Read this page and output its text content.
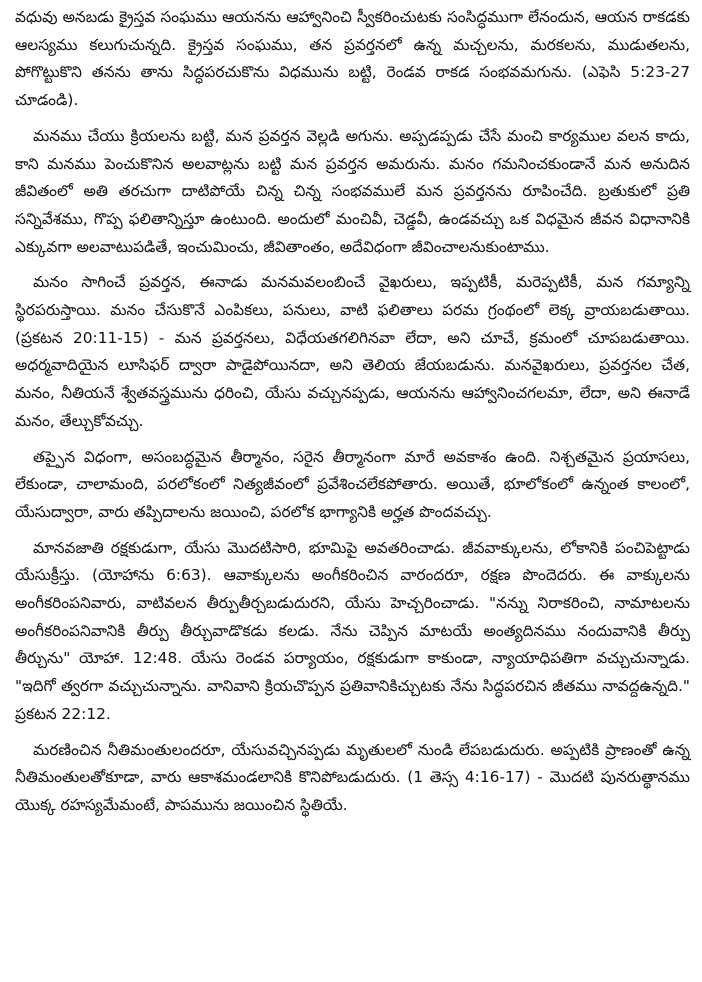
వధువు అనబడు క్రైస్తవ సంఘము ఆయనను ఆహ్వానించి స్వీకరించుటకు సంసిద్ధముగా లేనందున, ఆయన రాకడకు ఆలస్యము కలుగుచున్నది. క్రైస్తవ సంఘము, తన ప్రవర్తనలో ఉన్న మచ్చలను, మరకలను, ముడుతలను, పోగొట్టుకొని తనను తాను సిద్ధపరచుకొను విధమును బట్టి, రెండవ రాకడ సంభవమగును. (ఎఫెసి 5:23-27 చూడండి).

మనము చేయు క్రియలను బట్టి, మన ప్రవర్తన వెల్లడి అగును. అప్పడప్పడు చేసే మంచి కార్యముల వలన కాదు, కాని మనము పెంచుకొనిన అలవాట్లను బట్టి మన ప్రవర్తన అమరును. మనం గమనించకుండానే మన అనుదిన జీవితంలో అతి తరచుగా దాటిపోయే చిన్న చిన్న సంభవములే మన ప్రవర్తనను రూపించేది. బ్రతుకులో ప్రతి సన్నివేశము, గొప్ప ఫలితాన్నిస్తూ ఉంటుంది. అందులో మంచివీ, చెడ్డవీ, ఉండవచ్చు ఒక విధమైన జీవన విధానానికి ఎక్కువగా అలవాటుపడితే, ఇంచుమించు, జీవితాంతం, అదేవిధంగా జీవించాలనుకుంటాము.

మనం సాగించే ప్రవర్తన, ఈనాడు మనమవలంబించే వైఖరులు, ఇప్పటికీ, మరెప్పటికీ, మన గమ్యాన్ని స్థిరపరుస్తాయి. మనం చేసుకొనే ఎంపికలు, పనులు, వాటి ఫలితాలు పరమ గ్రంథంలో లెక్క వ్రాయబడుతాయి. (ప్రకటన 20:11-15) - మన ప్రవర్తనలు, విధేయతగలిగినవా లేదా, అని చూచే, క్రమంలో చూపబడుతాయి. అధర్మవాదియైన లూసిఫర్ ద్వారా పాడైపోయినదా, అని తెలియ జేయబడును. మనవైఖరులు, ప్రవర్తనల చేత, మనం, నీతియనే శ్వేతవస్త్రమును ధరించి, యేసు వచ్చునప్పడు, ఆయనను ఆహ్వానించగలమా, లేదా, అని ఈనాడే మనం, తేల్చుకోవచ్చు.

తప్పైన విధంగా, అసంబద్ధమైన తీర్మానం, సరైన తీర్మానంగా మారే అవకాశం ఉంది. నిశ్చతమైన ప్రయాసలు, లేకుండా, చాలామంది, పరలోకంలో నిత్యజీవంలో ప్రవేశించలేకపోతారు. అయితే, భూలోకంలో ఉన్నంత కాలంలో, యేసుద్వారా, వారు తప్పిదాలను జయించి, పరలోక భాగ్యానికి అర్హత పొందవచ్చు.

మానవజాతి రక్షకుడుగా, యేసు మొదటిసారి, భూమిపై అవతరించాడు. జీవవాక్కులను, లోకానికి పంచిపెట్టాడు యేసుక్రీస్తు. (యోహాను 6:63). ఆవాక్కులను అంగీకరించిన వారందరూ, రక్షణ పొందెదరు. ఈ వాక్కులను అంగీకరింపనివారు, వాటివలన తీర్పుతీర్చబడుదురని, యేసు హెచ్చరించాడు. "నన్ను నిరాకరించి, నామాటలను అంగీకరింపనివానికి తీర్పు తీర్చువాడొకడు కలడు. నేను చెప్పిన మాటయే అంత్యదినము నందువానికి తీర్పు తీర్చును" యోహా. 12:48. యేసు రెండవ పర్యాయం, రక్షకుడుగా కాకుండా, న్యాయాధిపతిగా వచ్చుచున్నాడు. "ఇదిగో త్వరగా వచ్చుచున్నాను. వానివాని క్రియచొప్పన ప్రతివానికిచ్చుటకు నేను సిద్ధపరచిన జీతము నావద్దఉన్నది." ప్రకటన 22:12.

మరణించిన నీతిమంతులందరూ, యేసువచ్చినప్పడు మృతులలో నుండి లేపబడుదురు. అప్పటికి ప్రాణంతో ఉన్న నీతిమంతులతోకూడా, వారు ఆకాశమండలానికి కొనిపోబడుదురు. (1 తెస్స 4:16-17) - మొదటి పునరుత్థానము యొక్క రహస్యమేమంటే, పాపమును జయించిన స్థితియే.
